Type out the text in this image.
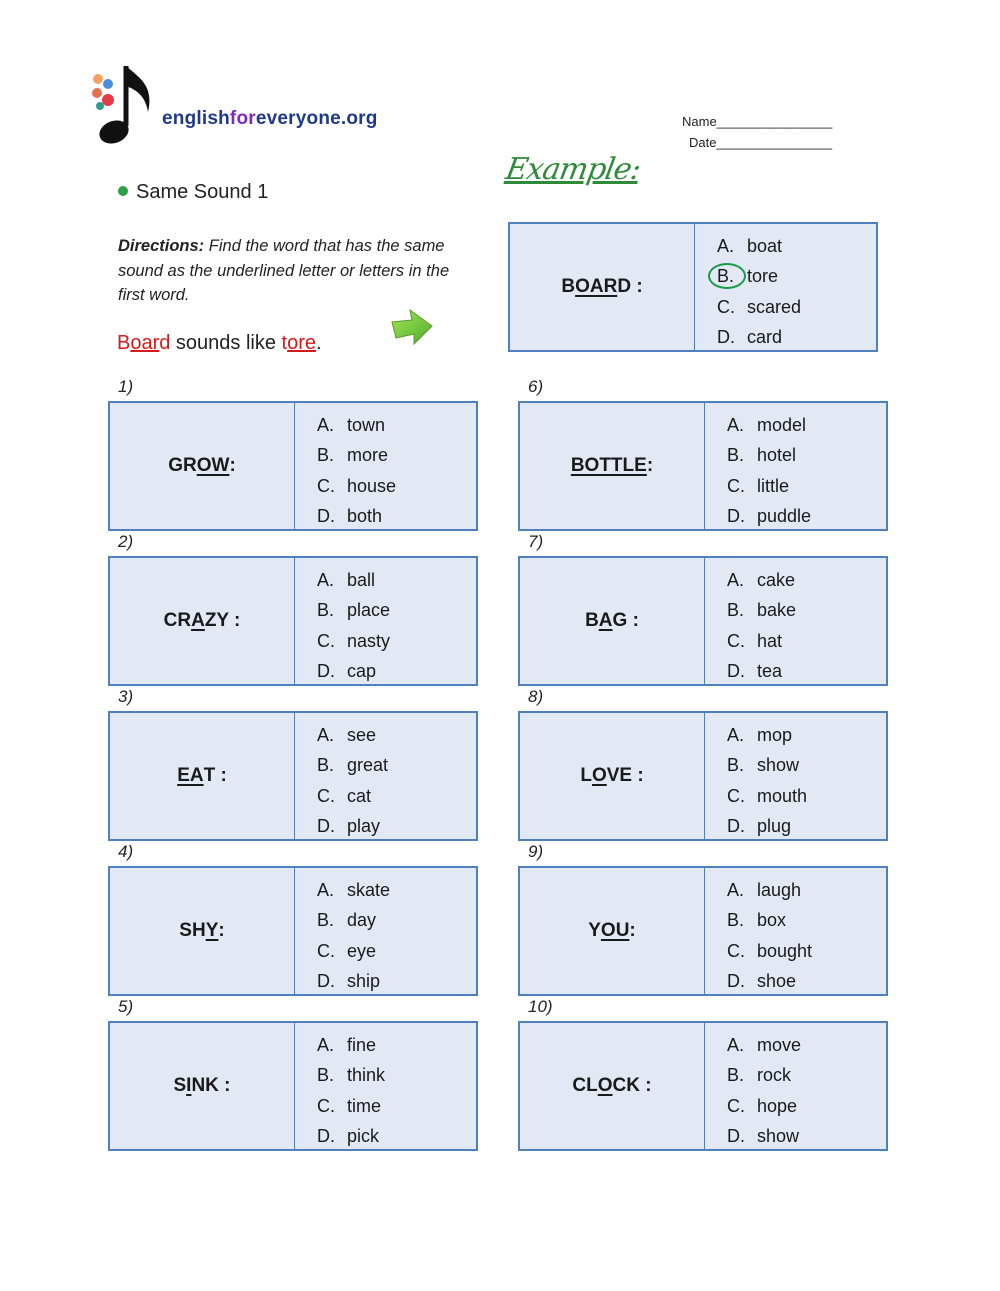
englishforeveryone.org	Name________________
Date________________
Same Sound 1
Directions: Find the word that has the same sound as the underlined letter or letters in the first word.
Board sounds like tore.
Example:
B OAR D :
A. boat
B. tore
C. scared
D. card
1)
GR OW :
A. town
B. more
C. house
D. both
2)
CR A ZY :
A. ball
B. place
C. nasty
D. cap
3)
EA T :
A. see
B. great
C. cat
D. play
4)
SH Y :
A. skate
B. day
C. eye
D. ship
5)
S I NK :
A. fine
B. think
C. time
D. pick
6)
BOTTLE :
A. model
B. hotel
C. little
D. puddle
7)
B A G :
A. cake
B. bake
C. hat
D. tea
8)
L O VE :
A. mop
B. show
C. mouth
D. plug
9)
Y OU :
A. laugh
B. box
C. bought
D. shoe
10)
CL O CK :
A. move
B. rock
C. hope
D. show
